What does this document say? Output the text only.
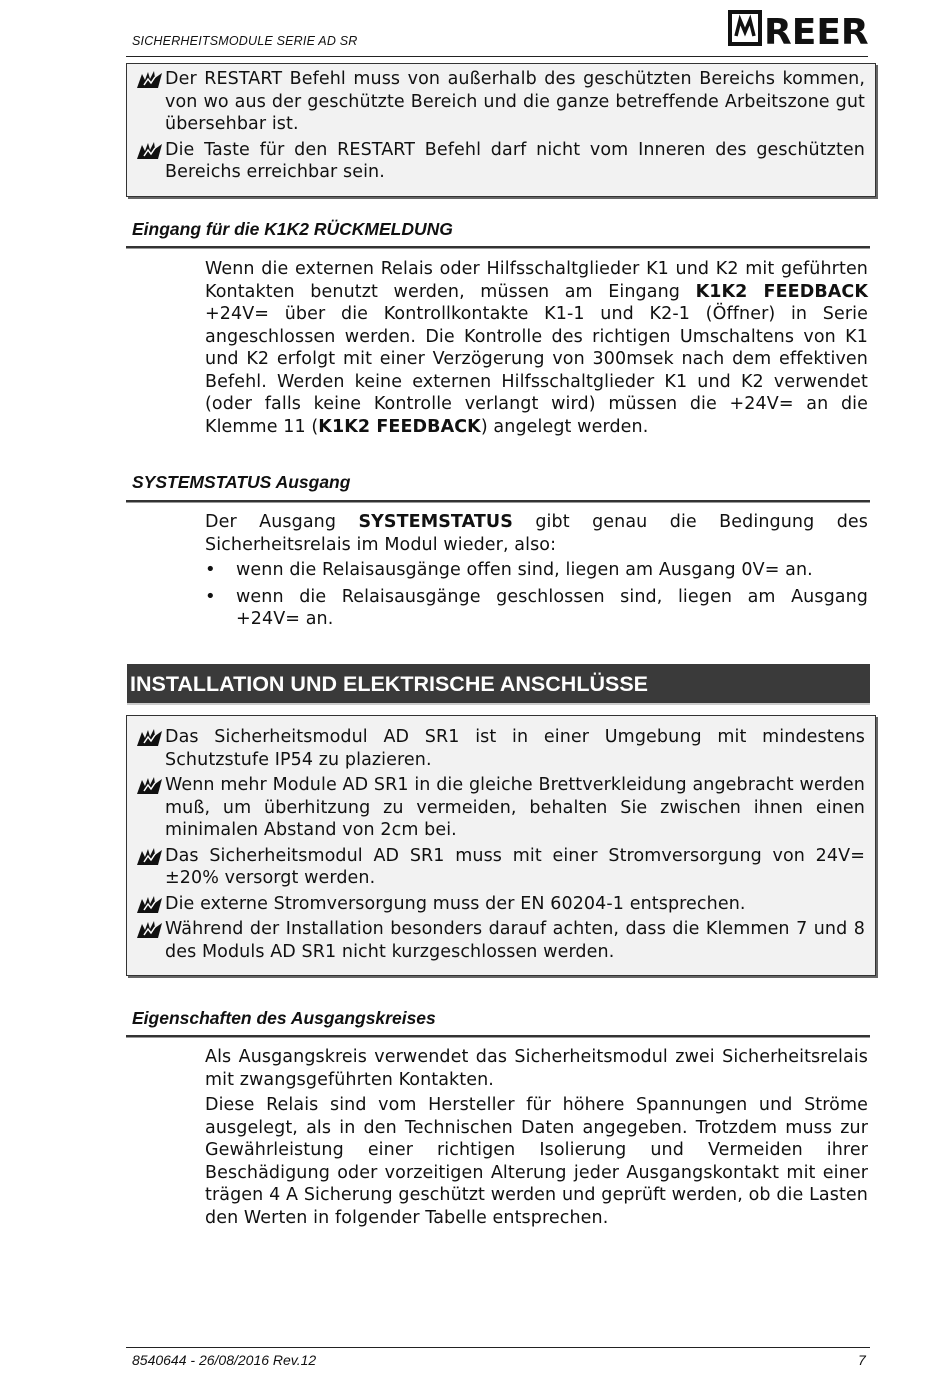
SICHERHEITSMODULE SERIE AD SR	REER
Der RESTART Befehl muss von außerhalb des geschützten Bereichs kommen, von wo aus der geschützte Bereich und die ganze betreffende Arbeitszone gut übersehbar ist.
Die Taste für den RESTART Befehl darf nicht vom Inneren des geschützten Bereichs erreichbar sein.
Eingang für die K1K2 RÜCKMELDUNG

Wenn die externen Relais oder Hilfsschaltglieder K1 und K2 mit geführten Kontakten benutzt werden, müssen am Eingang K1K2 FEEDBACK +24V= über die Kontrollkontakte K1-1 und K2-1 (Öffner) in Serie angeschlossen werden. Die Kontrolle des richtigen Umschaltens von K1 und K2 erfolgt mit einer Verzögerung von 300msek nach dem effektiven Befehl. Werden keine externen Hilfsschaltglieder K1 und K2 verwendet (oder falls keine Kontrolle verlangt wird) müssen die +24V= an die Klemme 11 (K1K2 FEEDBACK) angelegt werden.

SYSTEMSTATUS Ausgang

Der Ausgang SYSTEMSTATUS gibt genau die Bedingung des Sicherheitsrelais im Modul wieder, also:

• wenn die Relaisausgänge offen sind, liegen am Ausgang 0V= an.
• wenn die Relaisausgänge geschlossen sind, liegen am Ausgang +24V= an.
INSTALLATION UND ELEKTRISCHE ANSCHLÜSSE
Das Sicherheitsmodul AD SR1 ist in einer Umgebung mit mindestens Schutzstufe IP54 zu plazieren.
Wenn mehr Module AD SR1 in die gleiche Brettverkleidung angebracht werden muß, um überhitzung zu vermeiden, behalten Sie zwischen ihnen einen minimalen Abstand von 2cm bei.
Das Sicherheitsmodul AD SR1 muss mit einer Stromversorgung von 24V= ±20% versorgt werden.
Die externe Stromversorgung muss der EN 60204-1 entsprechen.
Während der Installation besonders darauf achten, dass die Klemmen 7 und 8 des Moduls AD SR1 nicht kurzgeschlossen werden.
Eigenschaften des Ausgangskreises

Als Ausgangskreis verwendet das Sicherheitsmodul zwei Sicherheitsrelais mit zwangsgeführten Kontakten.

Diese Relais sind vom Hersteller für höhere Spannungen und Ströme ausgelegt, als in den Technischen Daten angegeben. Trotzdem muss zur Gewährleistung einer richtigen Isolierung und Vermeiden ihrer Beschädigung oder vorzeitigen Alterung jeder Ausgangskontakt mit einer trägen 4 A Sicherung geschützt werden und geprüft werden, ob die Lasten den Werten in folgender Tabelle entsprechen.

8540644 - 26/08/2016 Rev.12	7
